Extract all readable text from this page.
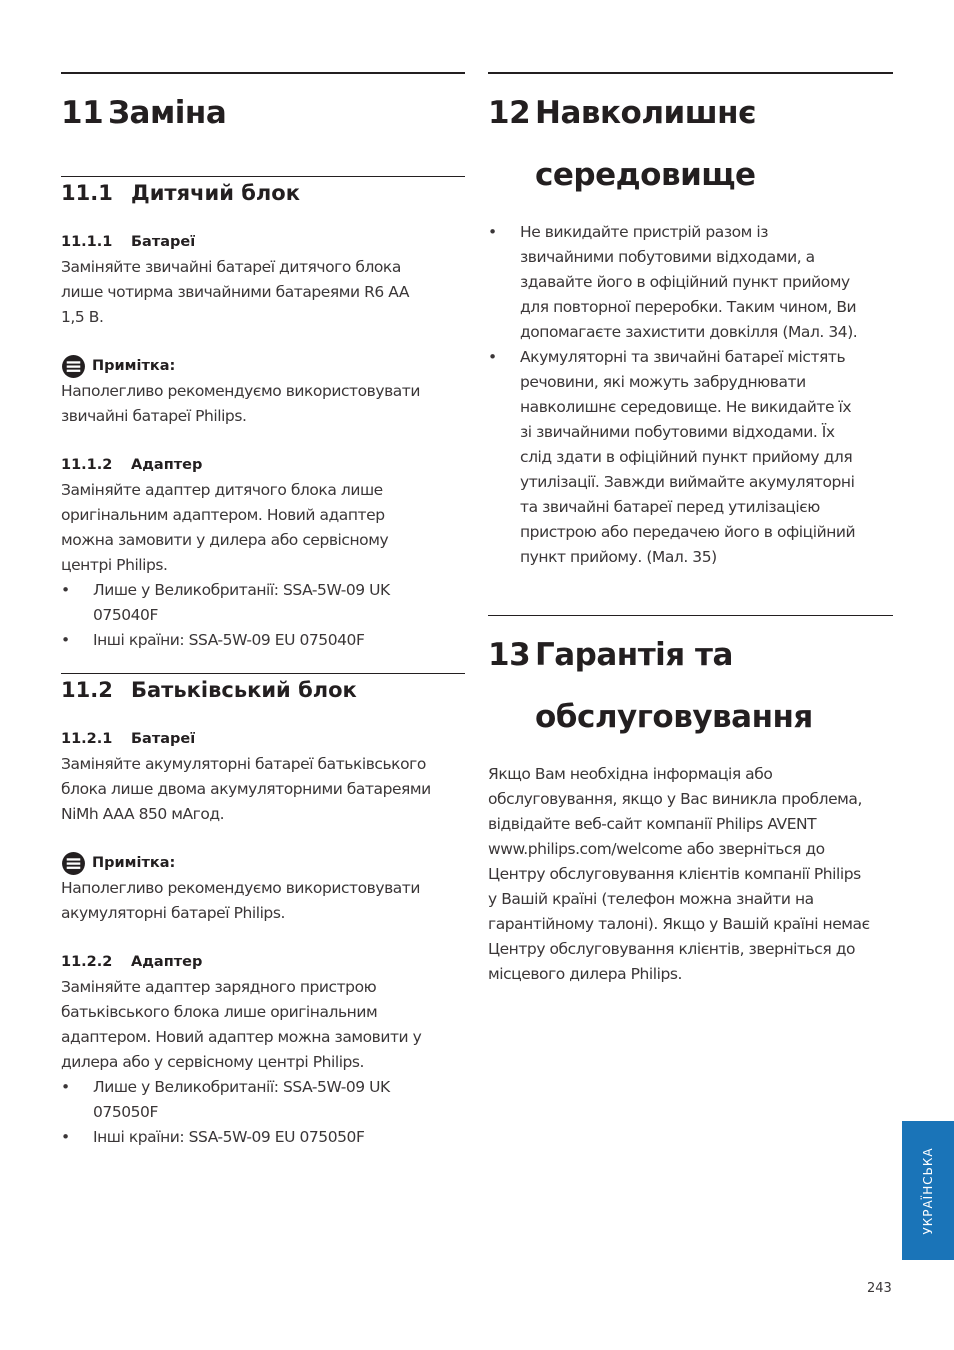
11 Заміна
11.1 Дитячий блок
11.1.1 Батареї
Заміняйте звичайні батареї дитячого блока
лише чотирма звичайними батареями R6 AA
1,5 В.
Примітка:
Наполегливо рекомендуємо використовувати
звичайні батареї Philips.
11.1.2 Адаптер
Заміняйте адаптер дитячого блока лише
оригінальним адаптером. Новий адаптер
можна замовити у дилера або сервісному
центрі Philips.
• Лише у Великобританії: SSA-5W-09 UK
075040F
• Інші країни: SSA-5W-09 EU 075040F
11.2 Батьківський блок
11.2.1 Батареї
Заміняйте акумуляторні батареї батьківського
блока лише двома акумуляторними батареями
NiMh AAA 850 мАгод.
Примітка:
Наполегливо рекомендуємо використовувати
акумуляторні батареї Philips.
11.2.2 Адаптер
Заміняйте адаптер зарядного пристрою
батьківського блока лише оригінальним
адаптером. Новий адаптер можна замовити у
дилера або у сервісному центрі Philips.
• Лише у Великобританії: SSA-5W-09 UK
075050F
• Інші країни: SSA-5W-09 EU 075050F
12 Навколишнє
середовище
• Не викидайте пристрій разом із
звичайними побутовими відходами, а
здавайте його в офіційний пункт прийому
для повторної переробки. Таким чином, Ви
допомагаєте захистити довкілля (Мал. 34).
• Акумуляторні та звичайні батареї містять
речовини, які можуть забруднювати
навколишнє середовище. Не викидайте їх
зі звичайними побутовими відходами. Їх
слід здати в офіційний пункт прийому для
утилізації. Завжди виймайте акумуляторні
та звичайні батареї перед утилізацією
пристрою або передачею його в офіційний
пункт прийому. (Мал. 35)
13 Гарантія та
обслуговування
Якщо Вам необхідна інформація або
обслуговування, якщо у Вас виникла проблема,
відвідайте веб-сайт компанії Philips AVENT
www.philips.com/welcome або зверніться до
Центру обслуговування клієнтів компанії Philips
у Вашій країні (телефон можна знайти на
гарантійному талоні). Якщо у Вашій країні немає
Центру обслуговування клієнтів, зверніться до
місцевого дилера Philips.
УКРАЇНСЬКА
243
